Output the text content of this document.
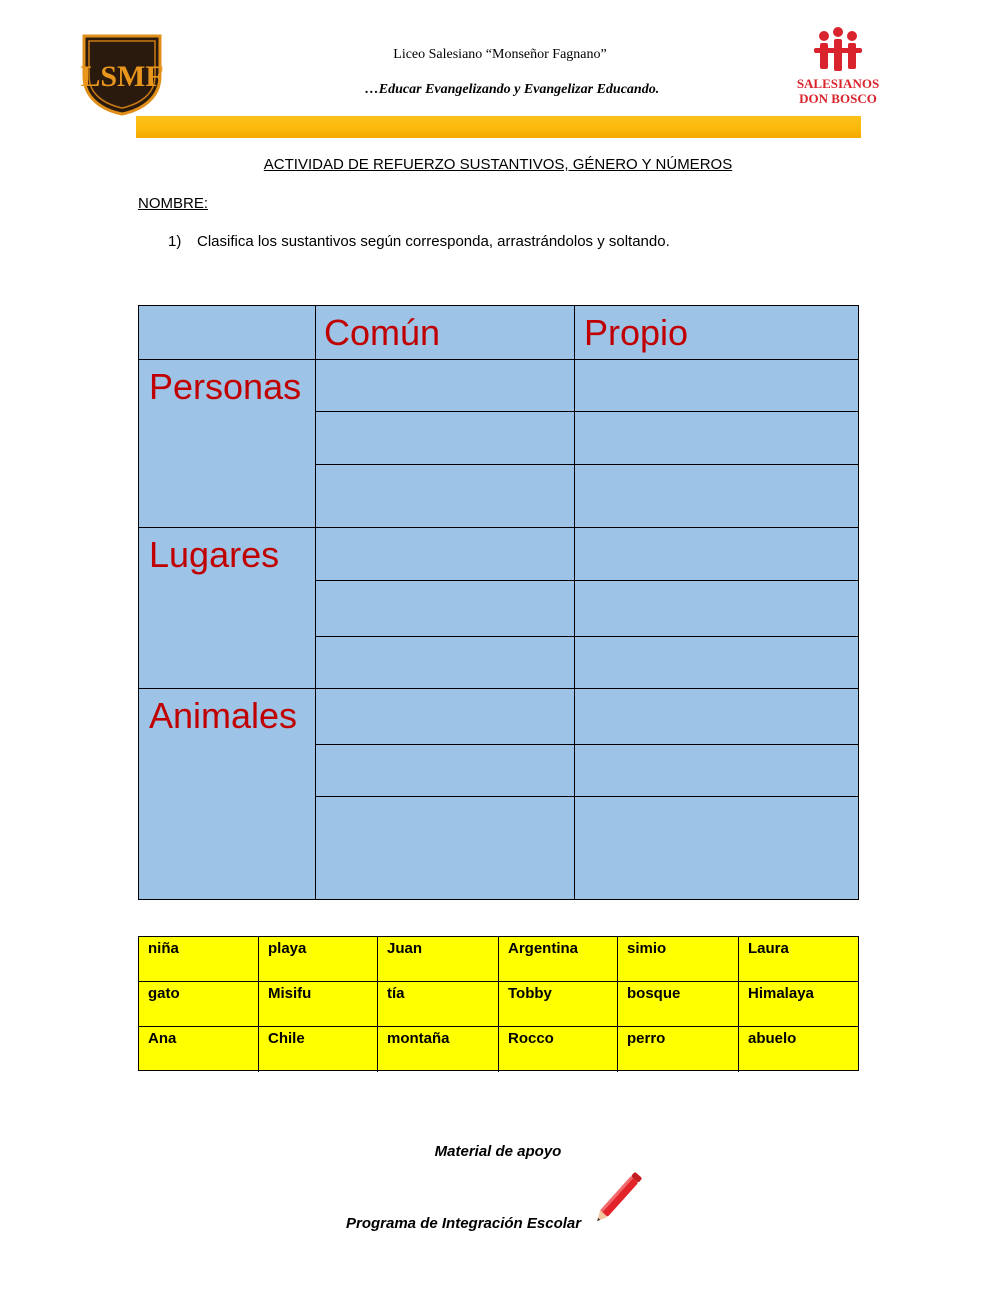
LSMF
Liceo Salesiano “Monseñor Fagnano”
…Educar Evangelizando y Evangelizar Educando.	SALESIANOS
DON BOSCO
ACTIVIDAD DE REFUERZO SUSTANTIVOS, GÉNERO Y NÚMEROS
NOMBRE:
1) Clasifica los sustantivos según corresponda, arrastrándolos y soltando.
Común	Propio
Personas
Lugares
Animales
niña	playa	Juan	Argentina	simio	Laura
gato	Misifu	tía	Tobby	bosque	Himalaya
Ana	Chile	montaña	Rocco	perro	abuelo
Material de apoyo
Programa de Integración Escolar
